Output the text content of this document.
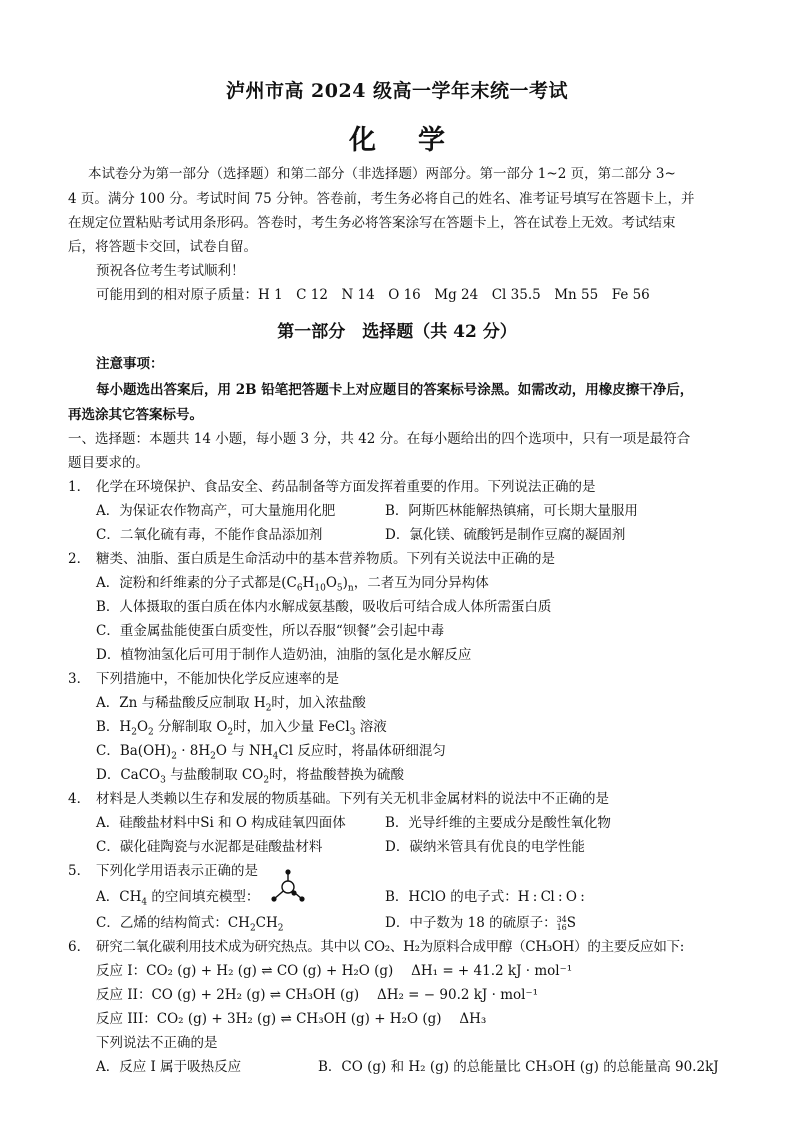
泸州市高 2024 级高一学年末统一考试
化学
本试卷分为第一部分（选择题）和第二部分（非选择题）两部分。第一部分 1~2 页，第二部分 3~
4 页。满分 100 分。考试时间 75 分钟。答卷前，考生务必将自己的姓名、准考证号填写在答题卡上，并
在规定位置粘贴考试用条形码。答卷时，考生务必将答案涂写在答题卡上，答在试卷上无效。考试结束
后，将答题卡交回，试卷自留。
预祝各位考生考试顺利！
可能用到的相对原子质量：H 1　C 12　N 14　O 16　Mg 24　Cl 35.5　Mn 55　Fe 56
第一部分　选择题（共 42 分）
注意事项：
每小题选出答案后，用 2B 铅笔把答题卡上对应题目的答案标号涂黑。如需改动，用橡皮擦干净后，
再选涂其它答案标号。
一、选择题：本题共 14 小题，每小题 3 分，共 42 分。在每小题给出的四个选项中，只有一项是最符合
题目要求的。
1． 化学在环境保护、食品安全、药品制备等方面发挥着重要的作用。下列说法正确的是
A．为保证农作物高产，可大量施用化肥	B．阿斯匹林能解热镇痛，可长期大量服用
C．二氧化硫有毒，不能作食品添加剂	D．氯化镁、硫酸钙是制作豆腐的凝固剂
2． 糖类、油脂、蛋白质是生命活动中的基本营养物质。下列有关说法中正确的是
A．淀粉和纤维素的分子式都是$(C_6H_{10}O_5)_n$，二者互为同分异构体
B．人体摄取的蛋白质在体内水解成氨基酸，吸收后可结合成人体所需蛋白质
C．重金属盐能使蛋白质变性，所以吞服“钡餐”会引起中毒
D．植物油氢化后可用于制作人造奶油，油脂的氢化是水解反应
3． 下列措施中，不能加快化学反应速率的是
A．Zn 与稀盐酸反应制取 $H_2$时，加入浓盐酸
B．$H_2O_2$ 分解制取 $O_2$时，加入少量 FeCl$_3$ 溶液
C．$Ba(OH)_2 \cdot 8H_2O$ 与 $NH_4Cl$ 反应时，将晶体研细混匀
D．CaCO$_3$ 与盐酸制取 $CO_2$时，将盐酸替换为硫酸
4． 材料是人类赖以生存和发展的物质基础。下列有关无机非金属材料的说法中不正确的是
A．硅酸盐材料中Si 和 O 构成硅氧四面体	B．光导纤维的主要成分是酸性氧化物
C．碳化硅陶瓷与水泥都是硅酸盐材料	D．碳纳米管具有优良的电学性能
5． 下列化学用语表示正确的是
A．$CH_4$ 的空间填充模型：	B．HClO 的电子式：H : Cl : O :
C．乙烯的结构简式：$CH_2CH_2$	D．中子数为 18 的硫原子： 34
16 S
6． 研究二氧化碳利用技术成为研究热点。其中以 CO₂、H₂为原料合成甲醇（CH₃OH）的主要反应如下:
反应 I：CO₂ (g) + H₂ (g) ⇌ CO (g) + H₂O (g)　 ΔH₁ = + 41.2 kJ · mol⁻¹
反应 II：CO (g) + 2H₂ (g) ⇌ CH₃OH (g)　 ΔH₂ = − 90.2 kJ · mol⁻¹
反应 III：CO₂ (g) + 3H₂ (g) ⇌ CH₃OH (g) + H₂O (g)　 ΔH₃
下列说法不正确的是
A．反应 I 属于吸热反应	B．CO (g) 和 H₂ (g) 的总能量比 CH₃OH (g) 的总能量高 90.2kJ
